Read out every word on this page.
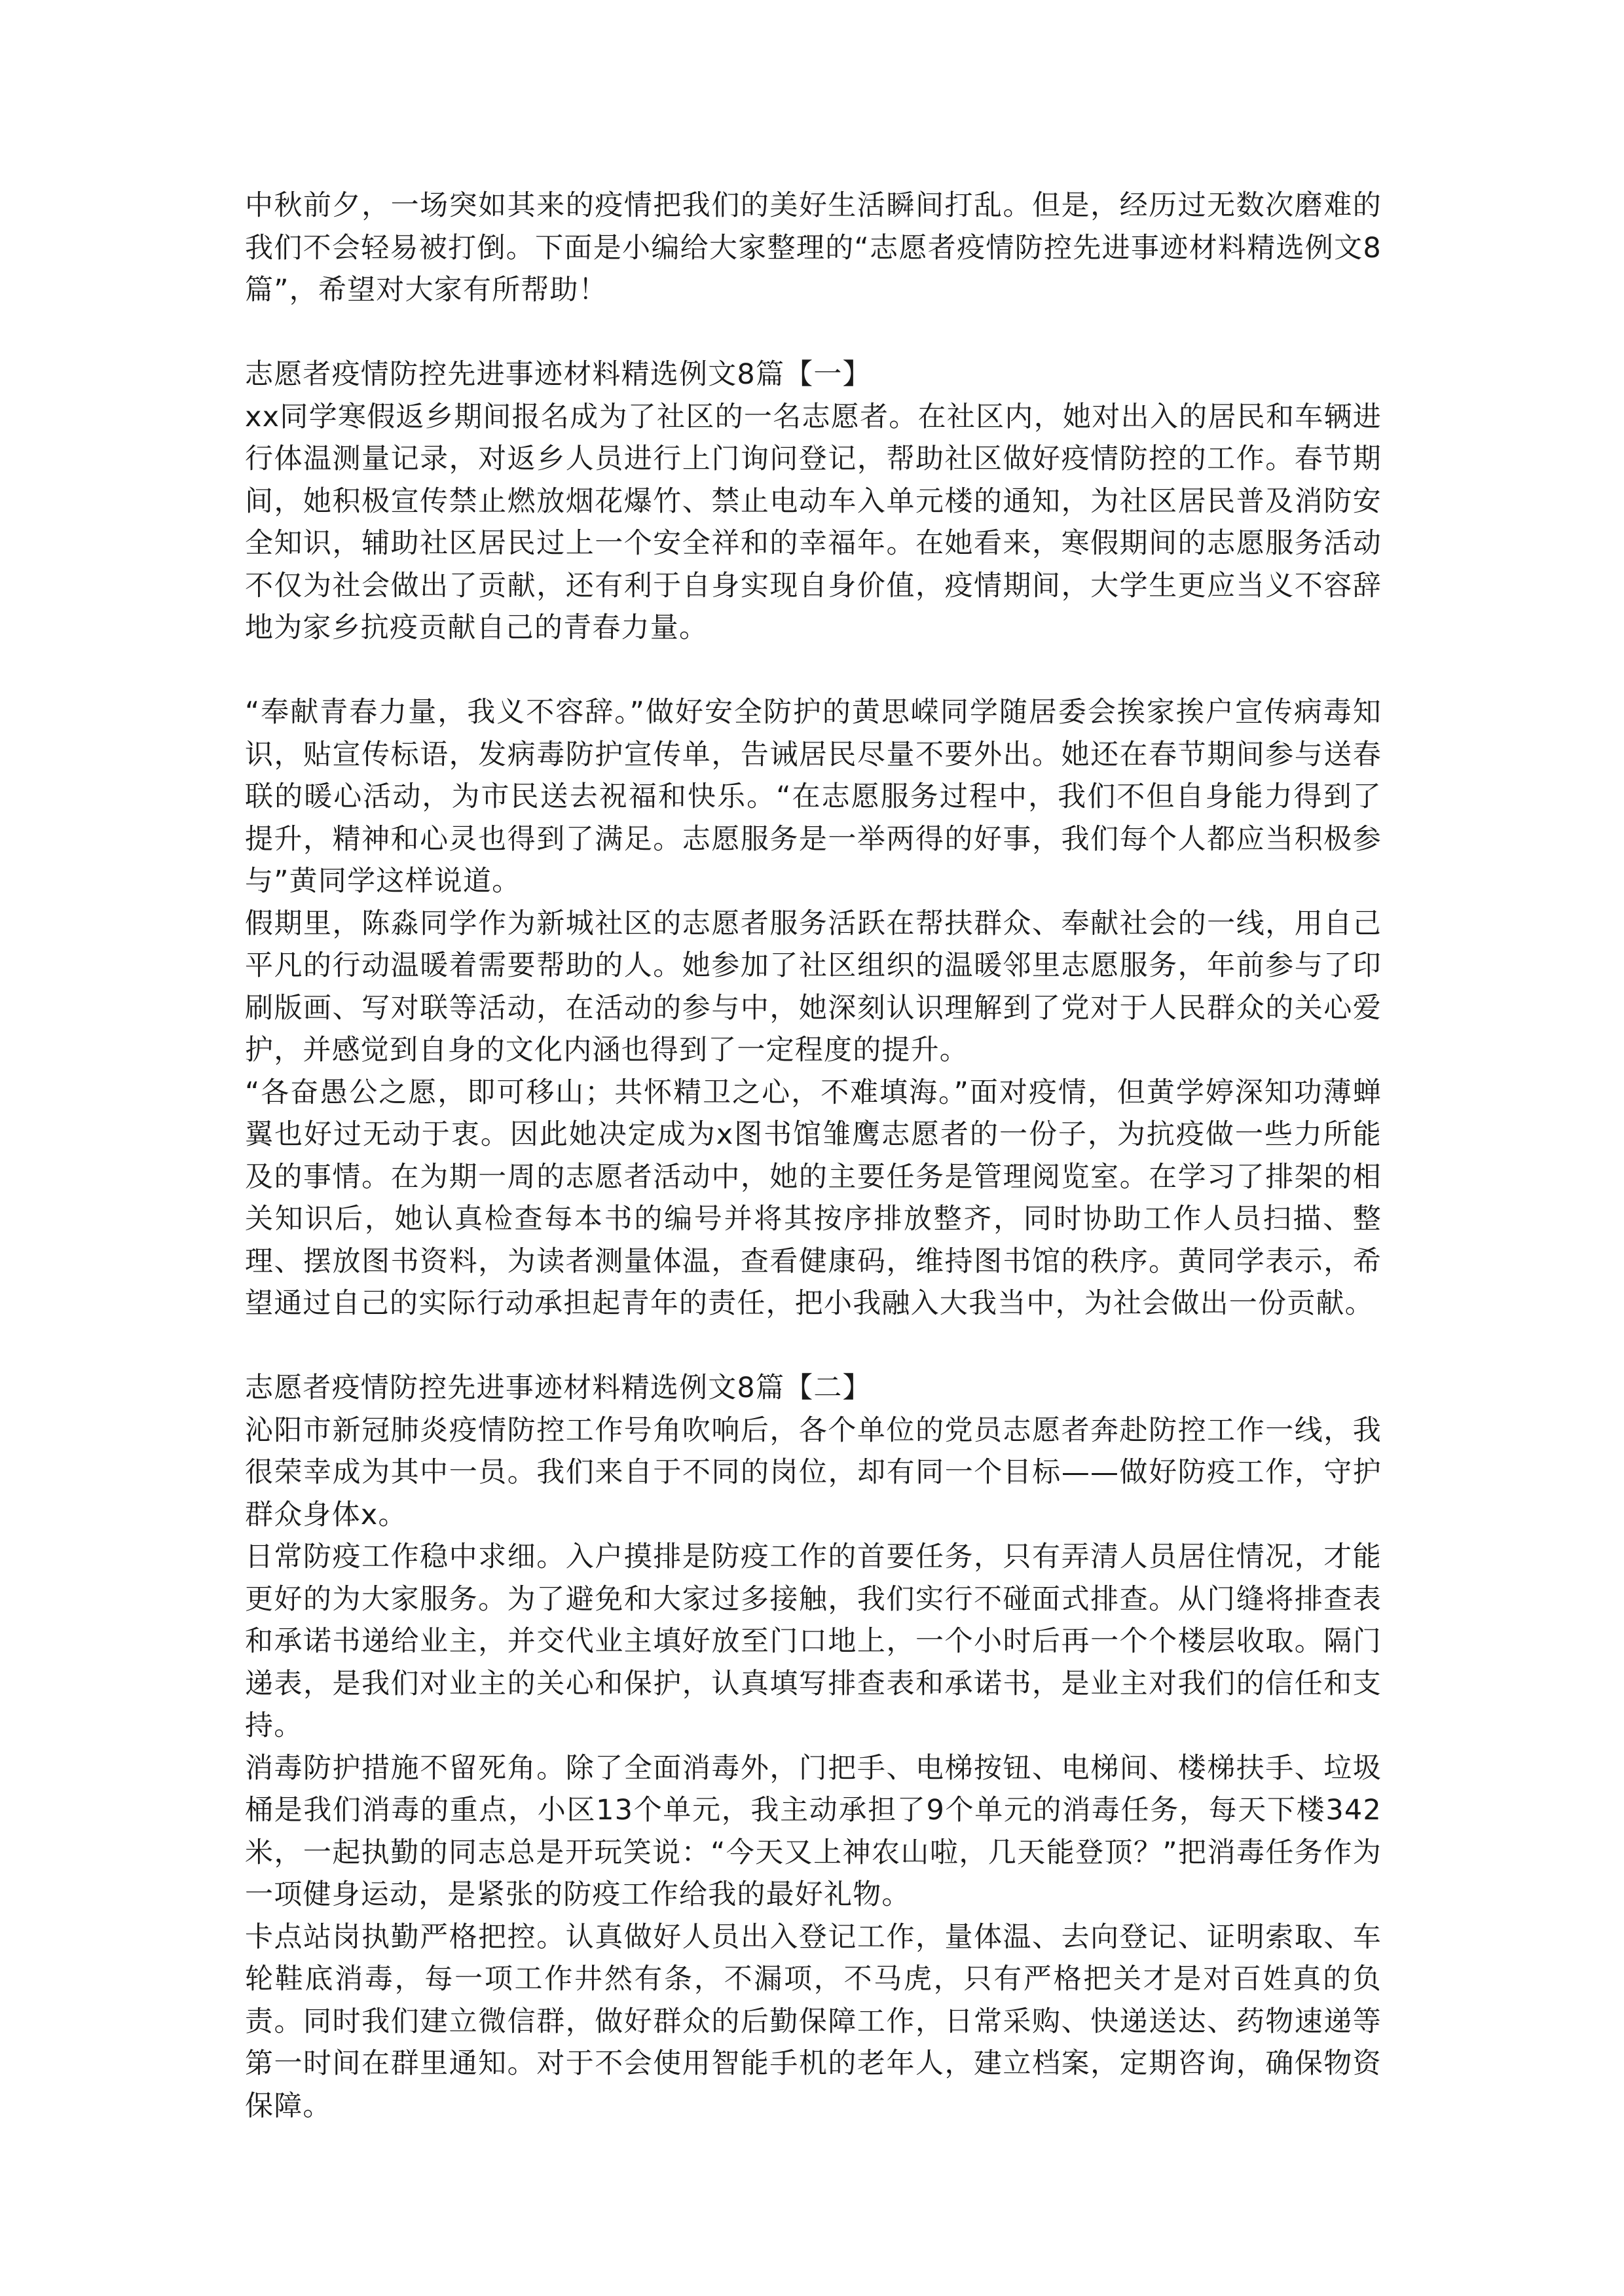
中秋前夕，一场突如其来的疫情把我们的美好生活瞬间打乱。但是，经历过无数次磨难的我们不会轻易被打倒。下面是小编给大家整理的“志愿者疫情防控先进事迹材料精选例文8篇”，希望对大家有所帮助！

志愿者疫情防控先进事迹材料精选例文8篇【一】

xx同学寒假返乡期间报名成为了社区的一名志愿者。在社区内，她对出入的居民和车辆进行体温测量记录，对返乡人员进行上门询问登记，帮助社区做好疫情防控的工作。春节期间，她积极宣传禁止燃放烟花爆竹、禁止电动车入单元楼的通知，为社区居民普及消防安全知识，辅助社区居民过上一个安全祥和的幸福年。在她看来，寒假期间的志愿服务活动不仅为社会做出了贡献，还有利于自身实现自身价值，疫情期间，大学生更应当义不容辞地为家乡抗疫贡献自己的青春力量。

“奉献青春力量，我义不容辞。”做好安全防护的黄思嵘同学随居委会挨家挨户宣传病毒知识，贴宣传标语，发病毒防护宣传单，告诫居民尽量不要外出。她还在春节期间参与送春联的暖心活动，为市民送去祝福和快乐。“在志愿服务过程中，我们不但自身能力得到了提升，精神和心灵也得到了满足。志愿服务是一举两得的好事，我们每个人都应当积极参与”黄同学这样说道。

假期里，陈淼同学作为新城社区的志愿者服务活跃在帮扶群众、奉献社会的一线，用自己平凡的行动温暖着需要帮助的人。她参加了社区组织的温暖邻里志愿服务，年前参与了印刷版画、写对联等活动，在活动的参与中，她深刻认识理解到了党对于人民群众的关心爱护，并感觉到自身的文化内涵也得到了一定程度的提升。

“各奋愚公之愿，即可移山；共怀精卫之心，不难填海。”面对疫情，但黄学婷深知功薄蝉翼也好过无动于衷。因此她决定成为x图书馆雏鹰志愿者的一份子，为抗疫做一些力所能及的事情。在为期一周的志愿者活动中，她的主要任务是管理阅览室。在学习了排架的相关知识后，她认真检查每本书的编号并将其按序排放整齐，同时协助工作人员扫描、整理、摆放图书资料，为读者测量体温，查看健康码，维持图书馆的秩序。黄同学表示，希望通过自己的实际行动承担起青年的责任，把小我融入大我当中，为社会做出一份贡献。

志愿者疫情防控先进事迹材料精选例文8篇【二】

沁阳市新冠肺炎疫情防控工作号角吹响后，各个单位的党员志愿者奔赴防控工作一线，我很荣幸成为其中一员。我们来自于不同的岗位，却有同一个目标——做好防疫工作，守护群众身体x。

日常防疫工作稳中求细。入户摸排是防疫工作的首要任务，只有弄清人员居住情况，才能更好的为大家服务。为了避免和大家过多接触，我们实行不碰面式排查。从门缝将排查表和承诺书递给业主，并交代业主填好放至门口地上，一个小时后再一个个楼层收取。隔门递表，是我们对业主的关心和保护，认真填写排查表和承诺书，是业主对我们的信任和支持。

消毒防护措施不留死角。除了全面消毒外，门把手、电梯按钮、电梯间、楼梯扶手、垃圾桶是我们消毒的重点，小区13个单元，我主动承担了9个单元的消毒任务，每天下楼342米，一起执勤的同志总是开玩笑说：“今天又上神农山啦，几天能登顶？”把消毒任务作为一项健身运动，是紧张的防疫工作给我的最好礼物。

卡点站岗执勤严格把控。认真做好人员出入登记工作，量体温、去向登记、证明索取、车轮鞋底消毒，每一项工作井然有条，不漏项，不马虎，只有严格把关才是对百姓真的负责。同时我们建立微信群，做好群众的后勤保障工作，日常采购、快递送达、药物速递等第一时间在群里通知。对于不会使用智能手机的老年人，建立档案，定期咨询，确保物资保障。
